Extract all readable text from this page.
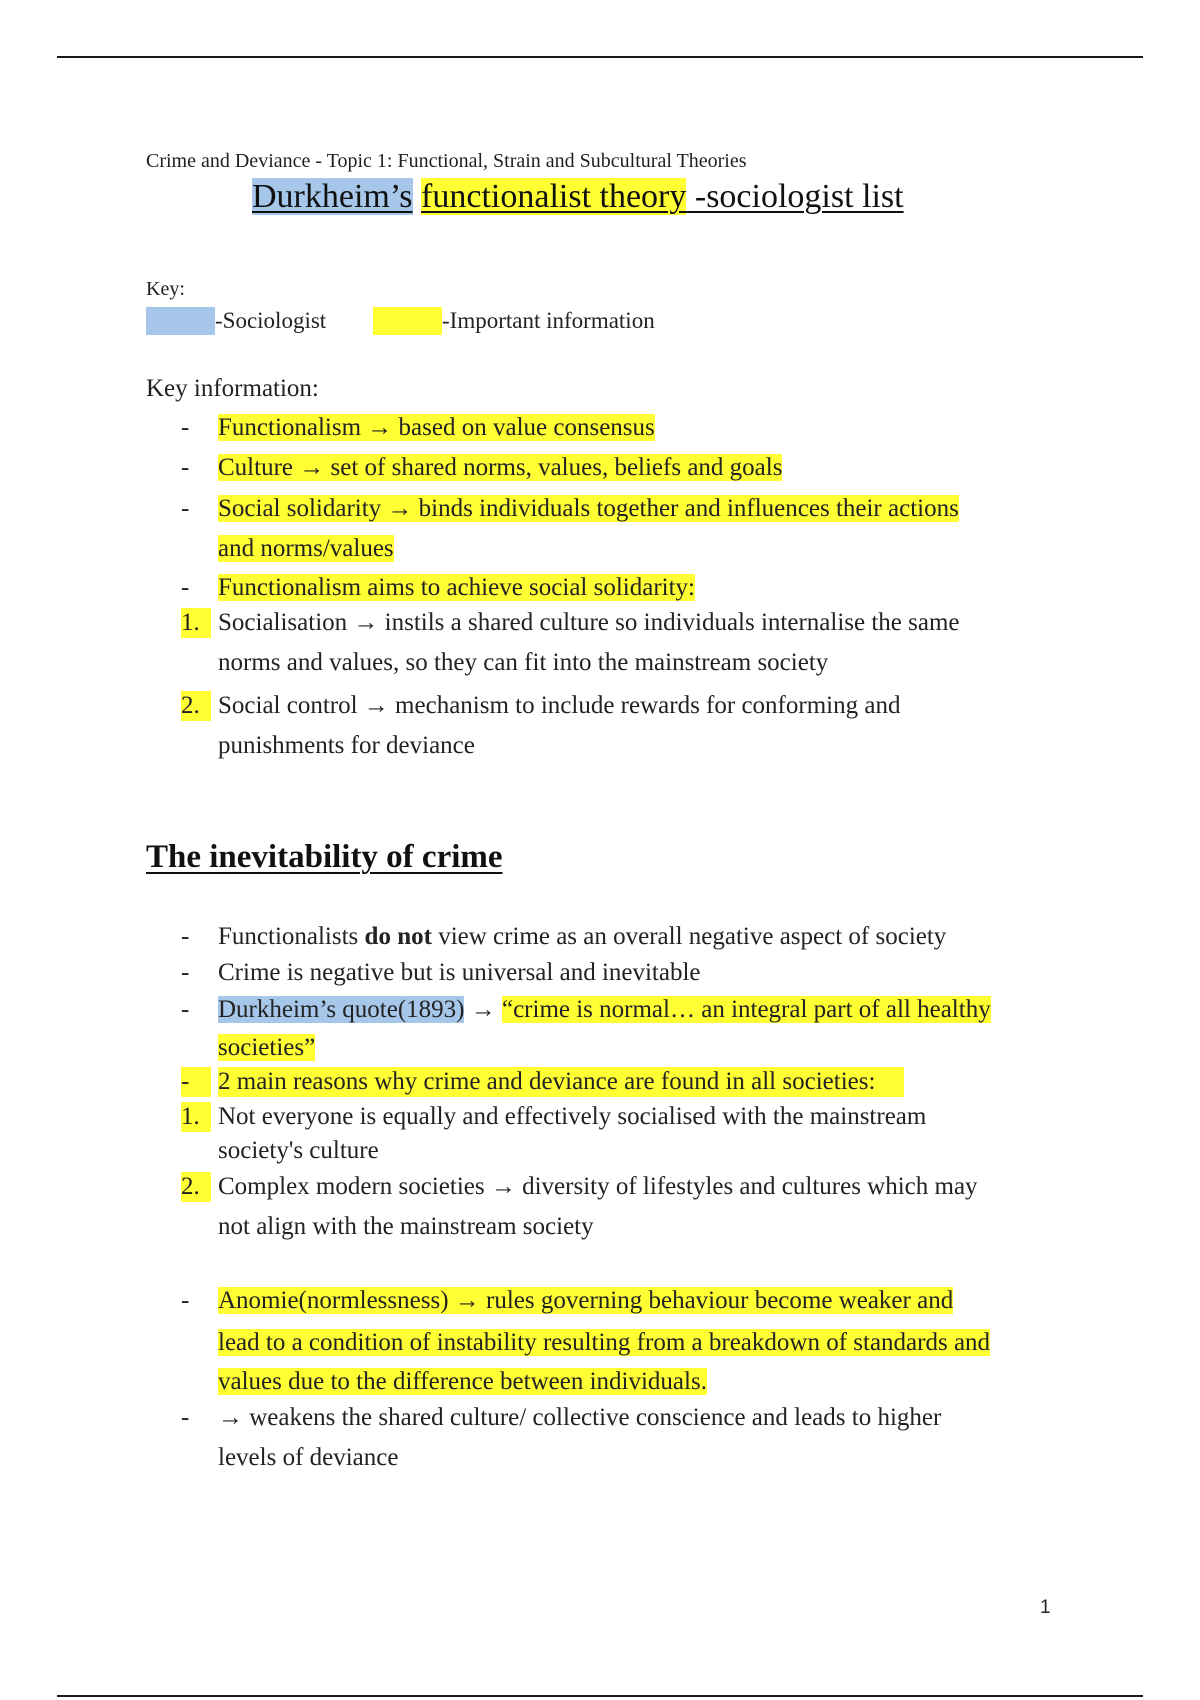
Crime and Deviance - Topic 1: Functional, Strain and Subcultural Theories
Durkheim’s functionalist theory -sociologist list
Key:
-Sociologist	-Important information
Key information:
-	Functionalism → based on value consensus
-	Culture → set of shared norms, values, beliefs and goals
-	Social solidarity → binds individuals together and influences their actions
and norms/values
-	Functionalism aims to achieve social solidarity:
1. Socialisation → instils a shared culture so individuals internalise the same
norms and values, so they can fit into the mainstream society
2. Social control → mechanism to include rewards for conforming and
punishments for deviance
The inevitability of crime
-	Functionalists do not view crime as an overall negative aspect of society
-	Crime is negative but is universal and inevitable
-	Durkheim’s quote(1893) → “crime is normal… an integral part of all healthy
societies”
-	2 main reasons why crime and deviance are found in all societies:
1. Not everyone is equally and effectively socialised with the mainstream
society's culture
2. Complex modern societies → diversity of lifestyles and cultures which may
not align with the mainstream society
-	Anomie(normlessness) → rules governing behaviour become weaker and
lead to a condition of instability resulting from a breakdown of standards and
values due to the difference between individuals.
-	→ weakens the shared culture/ collective conscience and leads to higher
levels of deviance
1
